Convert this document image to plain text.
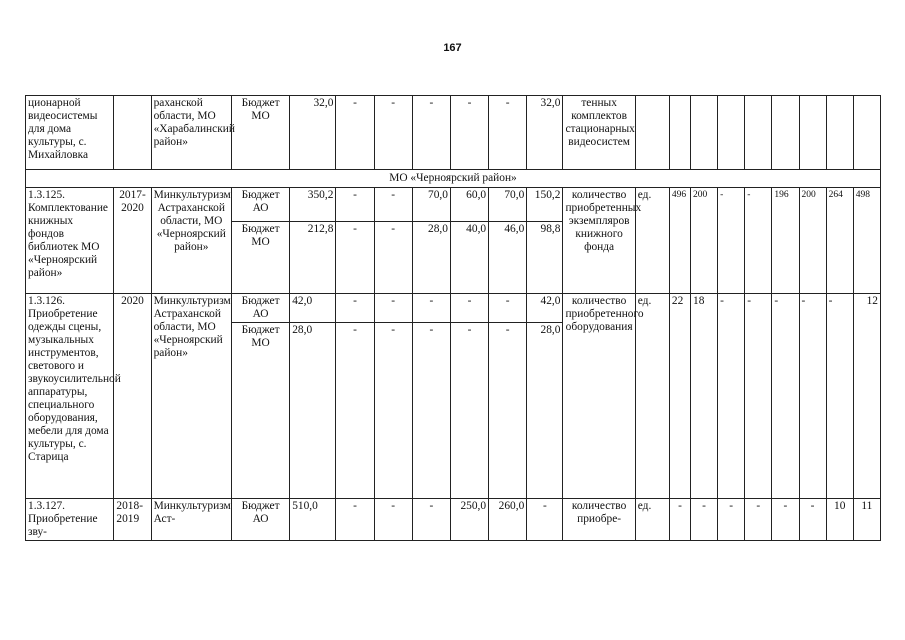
167
ционарной видеосистемы для дома культуры, с. Михайловка		раханской области, МО «Харабалинский район»	Бюджет МО	32,0	-	-	-	-	-	32,0	тенных комплектов стационарных видеосистем									
МО «Черноярский район»																				
1.3.125. Комплектование книжных фондов библиотек МО «Черноярский район»	2017-2020	Минкультуризм Астраханской области, МО «Черноярский район»	Бюджет АО	350,2	-	-	70,0	60,0	70,0	150,2	количество приобретенных экземпляров книжного фонда	ед.	496	200	-	-	196	200	264	498
			Бюджет МО	212,8	-	-	28,0	40,0	46,0	98,8										
1.3.126. Приобретение одежды сцены, музыкальных инструментов, светового и звукоусилительной аппаратуры, специального оборудования, мебели для дома культуры, с. Старица	2020	Минкультуризм Астраханской области, МО «Черноярский район»	Бюджет АО	42,0	-	-	-	-	-	42,0	количество приобретенного оборудования	ед.	22	18	-	-	-	-	-	12
			Бюджет МО	28,0	-	-	-	-	-	28,0										
1.3.127. Приобретение зву-	2018-2019	Минкультуризм Аст-	Бюджет АО	510,0	-	-	-	250,0	260,0	-	количество приобре-	ед.	-	-	-	-	-	-	10	11
